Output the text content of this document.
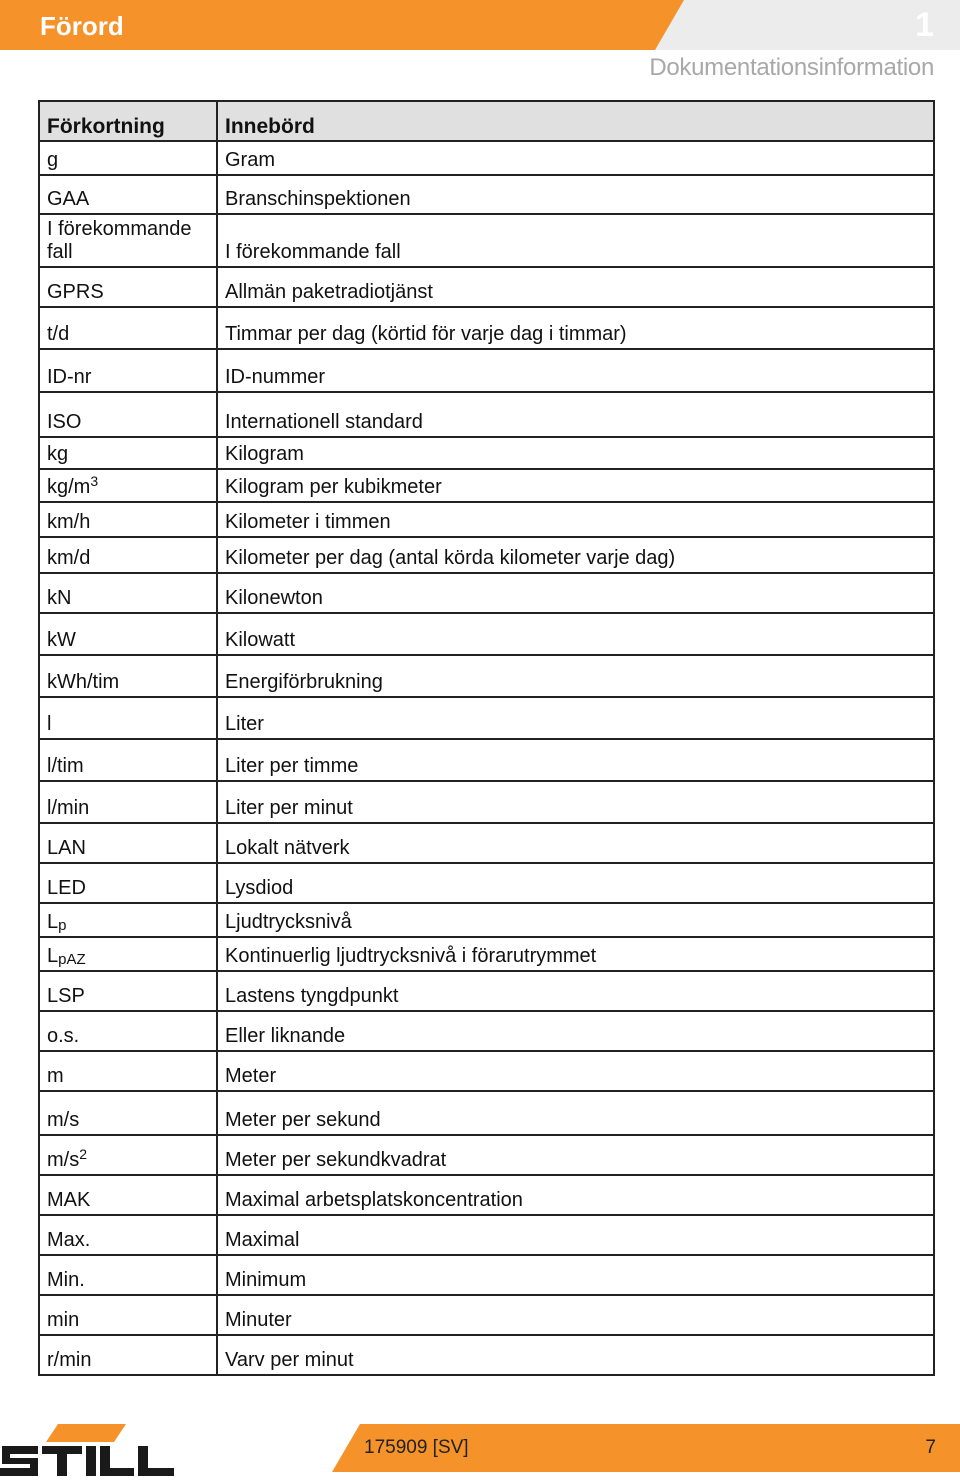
Förord	1
Dokumentationsinformation
Förkortning	Innebörd
g	Gram
GAA	Branschinspektionen
I förekommande fall	I förekommande fall
GPRS	Allmän paketradiotjänst
t/d	Timmar per dag (körtid för varje dag i timmar)
ID-nr	ID-nummer
ISO	Internationell standard
kg	Kilogram
$kg/m^3$	Kilogram per kubikmeter
km/h	Kilometer i timmen
km/d	Kilometer per dag (antal körda kilometer varje dag)
kN	Kilonewton
kW	Kilowatt
kWh/tim	Energiförbrukning
l	Liter
l/tim	Liter per timme
l/min	Liter per minut
LAN	Lokalt nätverk
LED	Lysdiod
$L_p$	Ljudtrycksnivå
$L_{pAZ}$	Kontinuerlig ljudtrycksnivå i förarutrymmet
LSP	Lastens tyngdpunkt
o.s.	Eller liknande
m	Meter
m/s	Meter per sekund
$m/s^2$	Meter per sekundkvadrat
MAK	Maximal arbetsplatskoncentration
Max.	Maximal
Min.	Minimum
min	Minuter
r/min	Varv per minut
175909 [SV]	7
